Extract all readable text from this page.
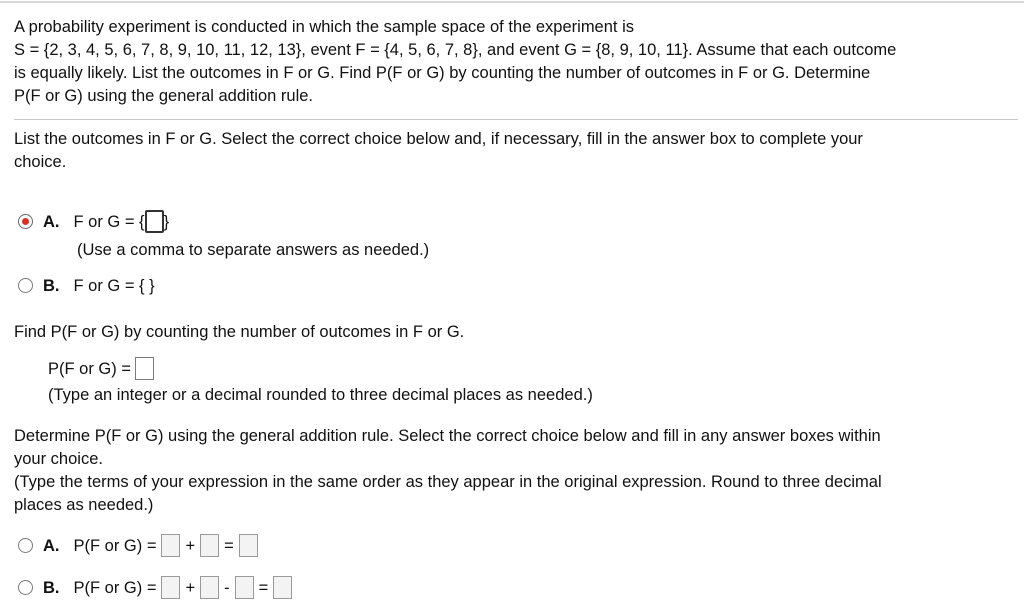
A probability experiment is conducted in which the sample space of the experiment is
S = {2, 3, 4, 5, 6, 7, 8, 9, 10, 11, 12, 13}, event F = {4, 5, 6, 7, 8}, and event G = {8, 9, 10, 11}. Assume that each outcome
is equally likely. List the outcomes in F or G. Find P(F or G) by counting the number of outcomes in F or G. Determine
P(F or G) using the general addition rule.
List the outcomes in F or G. Select the correct choice below and, if necessary, fill in the answer box to complete your
choice.
A. F or G = { }
(Use a comma to separate answers as needed.)
B. F or G = { }
Find P(F or G) by counting the number of outcomes in F or G.
P(F or G) =
(Type an integer or a decimal rounded to three decimal places as needed.)
Determine P(F or G) using the general addition rule. Select the correct choice below and fill in any answer boxes within
your choice.
(Type the terms of your expression in the same order as they appear in the original expression. Round to three decimal
places as needed.)
A. P(F or G) = + =
B. P(F or G) = + - =
